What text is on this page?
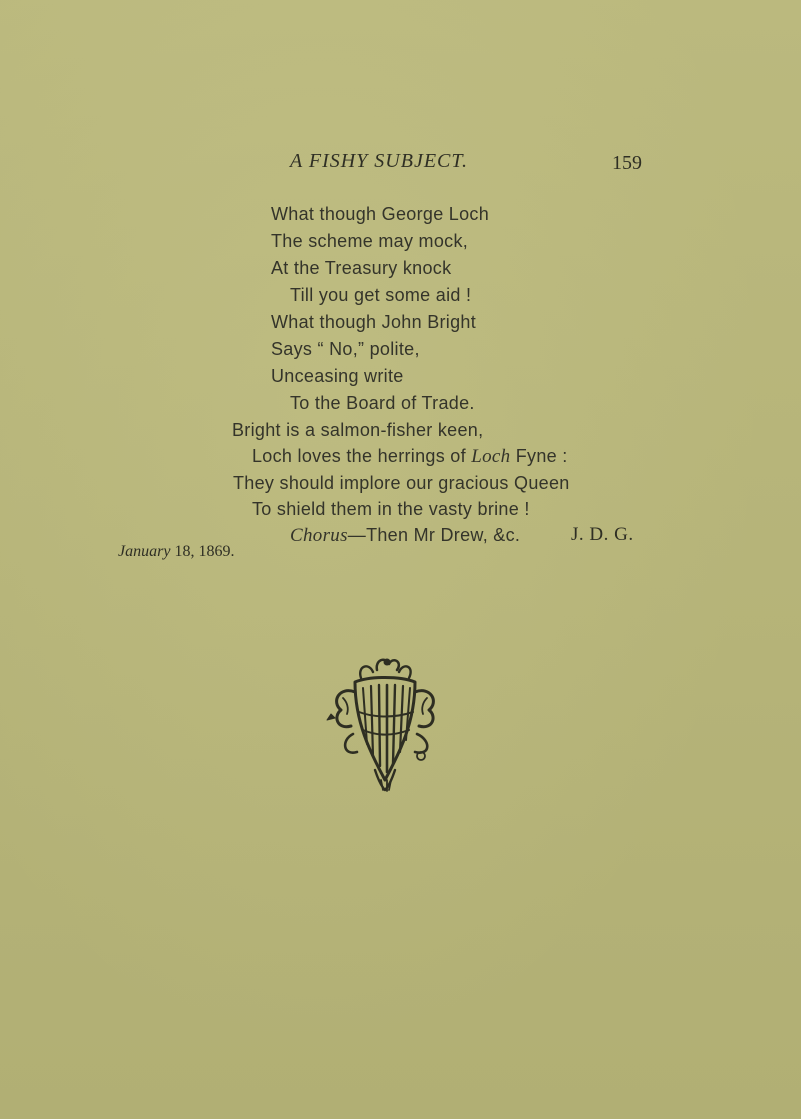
A FISHY SUBJECT.	159
What though George Loch
The scheme may mock,
At the Treasury knock
Till you get some aid !
What though John Bright
Says “ No,” polite,
Unceasing write
To the Board of Trade.
Bright is a salmon-fisher keen,
Loch loves the herrings of Loch Fyne :
They should implore our gracious Queen
To shield them in the vasty brine !
Chorus—Then Mr Drew, &c.	J. D. G.
January 18, 1869.
